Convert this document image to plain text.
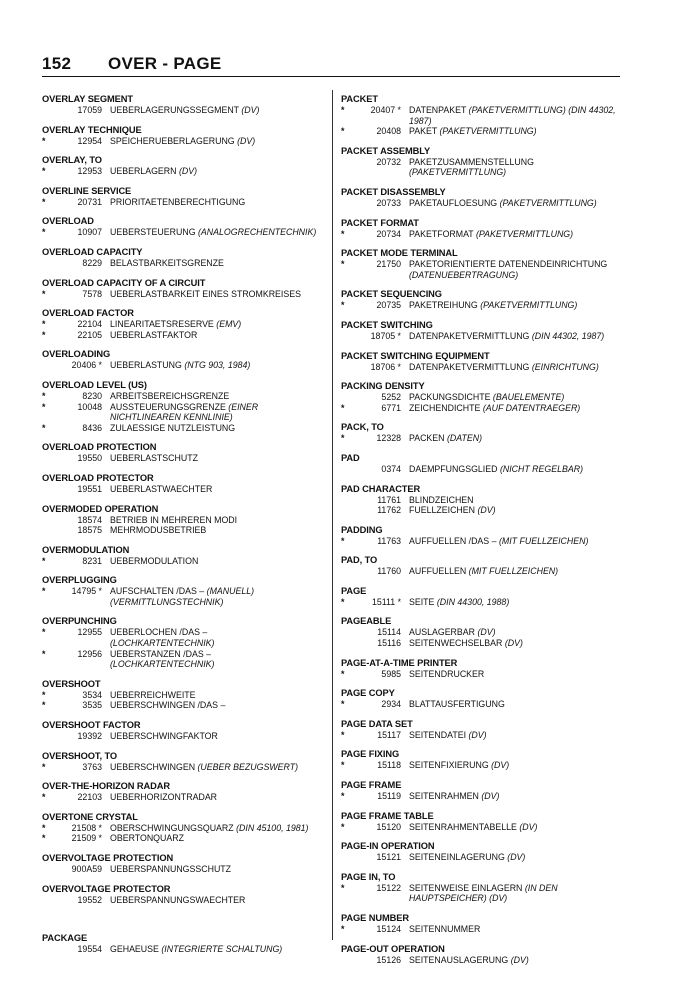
152 OVER - PAGE
OVERLAY SEGMENT
17059 UEBERLAGERUNGSSEGMENT (DV)
OVERLAY TECHNIQUE
*	12954 SPEICHERUEBERLAGERUNG (DV)
OVERLAY, TO
*	12953 UEBERLAGERN (DV)
OVERLINE SERVICE
*	20731 PRIORITAETENBERECHTIGUNG
OVERLOAD
*	10907 UEBERSTEUERUNG (ANALOGRECHENTECHNIK)
OVERLOAD CAPACITY
8229 BELASTBARKEITSGRENZE
OVERLOAD CAPACITY OF A CIRCUIT
*	7578 UEBERLASTBARKEIT EINES STROMKREISES
OVERLOAD FACTOR
*	22104 LINEARITAETSRESERVE (EMV)
*	22105 UEBERLASTFAKTOR
OVERLOADING
20406 * UEBERLASTUNG (NTG 903, 1984)
OVERLOAD LEVEL (US)
*	8230 ARBEITSBEREICHSGRENZE
*	10048 AUSSTEUERUNGSGRENZE (EINER
NICHTLINEAREN KENNLINIE)
*	8436 ZULAESSIGE NUTZLEISTUNG
OVERLOAD PROTECTION
19550 UEBERLASTSCHUTZ
OVERLOAD PROTECTOR
19551 UEBERLASTWAECHTER
OVERMODED OPERATION
18574 BETRIEB IN MEHREREN MODI
18575 MEHRMODUSBETRIEB
OVERMODULATION
*	8231 UEBERMODULATION
OVERPLUGGING
*	14795 * AUFSCHALTEN /DAS – (MANUELL)
(VERMITTLUNGSTECHNIK)
OVERPUNCHING
*	12955 UEBERLOCHEN /DAS –
(LOCHKARTENTECHNIK)
*	12956 UEBERSTANZEN /DAS –
(LOCHKARTENTECHNIK)
OVERSHOOT
*	3534 UEBERREICHWEITE
*	3535 UEBERSCHWINGEN /DAS –
OVERSHOOT FACTOR
19392 UEBERSCHWINGFAKTOR
OVERSHOOT, TO
*	3763 UEBERSCHWINGEN (UEBER BEZUGSWERT)
OVER-THE-HORIZON RADAR
*	22103 UEBERHORIZONTRADAR
OVERTONE CRYSTAL
*	21508 * OBERSCHWINGUNGSQUARZ (DIN 45100, 1981)
*	21509 * OBERTONQUARZ
OVERVOLTAGE PROTECTION
900A59 UEBERSPANNUNGSSCHUTZ
OVERVOLTAGE PROTECTOR
19552 UEBERSPANNUNGSWAECHTER
PACKAGE
19554 GEHAEUSE (INTEGRIERTE SCHALTUNG)
PACKET
*	20407 * DATENPAKET (PAKETVERMITTLUNG) (DIN 44302,
1987)
*	20408 PAKET (PAKETVERMITTLUNG)
PACKET ASSEMBLY
20732 PAKETZUSAMMENSTELLUNG
(PAKETVERMITTLUNG)
PACKET DISASSEMBLY
20733 PAKETAUFLOESUNG (PAKETVERMITTLUNG)
PACKET FORMAT
*	20734 PAKETFORMAT (PAKETVERMITTLUNG)
PACKET MODE TERMINAL
*	21750 PAKETORIENTIERTE DATENENDEINRICHTUNG
(DATENUEBERTRAGUNG)
PACKET SEQUENCING
*	20735 PAKETREIHUNG (PAKETVERMITTLUNG)
PACKET SWITCHING
18705 * DATENPAKETVERMITTLUNG (DIN 44302, 1987)
PACKET SWITCHING EQUIPMENT
18706 * DATENPAKETVERMITTLUNG (EINRICHTUNG)
PACKING DENSITY
5252 PACKUNGSDICHTE (BAUELEMENTE)
*	6771 ZEICHENDICHTE (AUF DATENTRAEGER)
PACK, TO
*	12328 PACKEN (DATEN)
PAD
0374 DAEMPFUNGSGLIED (NICHT REGELBAR)
PAD CHARACTER
11761 BLINDZEICHEN
11762 FUELLZEICHEN (DV)
PADDING
*	11763 AUFFUELLEN /DAS – (MIT FUELLZEICHEN)
PAD, TO
11760 AUFFUELLEN (MIT FUELLZEICHEN)
PAGE
*	15111 * SEITE (DIN 44300, 1988)
PAGEABLE
15114 AUSLAGERBAR (DV)
15116 SEITENWECHSELBAR (DV)
PAGE-AT-A-TIME PRINTER
*	5985 SEITENDRUCKER
PAGE COPY
*	2934 BLATTAUSFERTIGUNG
PAGE DATA SET
*	15117 SEITENDATEI (DV)
PAGE FIXING
*	15118 SEITENFIXIERUNG (DV)
PAGE FRAME
*	15119 SEITENRAHMEN (DV)
PAGE FRAME TABLE
*	15120 SEITENRAHMENTABELLE (DV)
PAGE-IN OPERATION
15121 SEITENEINLAGERUNG (DV)
PAGE IN, TO
*	15122 SEITENWEISE EINLAGERN (IN DEN
HAUPTSPEICHER) (DV)
PAGE NUMBER
*	15124 SEITENNUMMER
PAGE-OUT OPERATION
15126 SEITENAUSLAGERUNG (DV)
